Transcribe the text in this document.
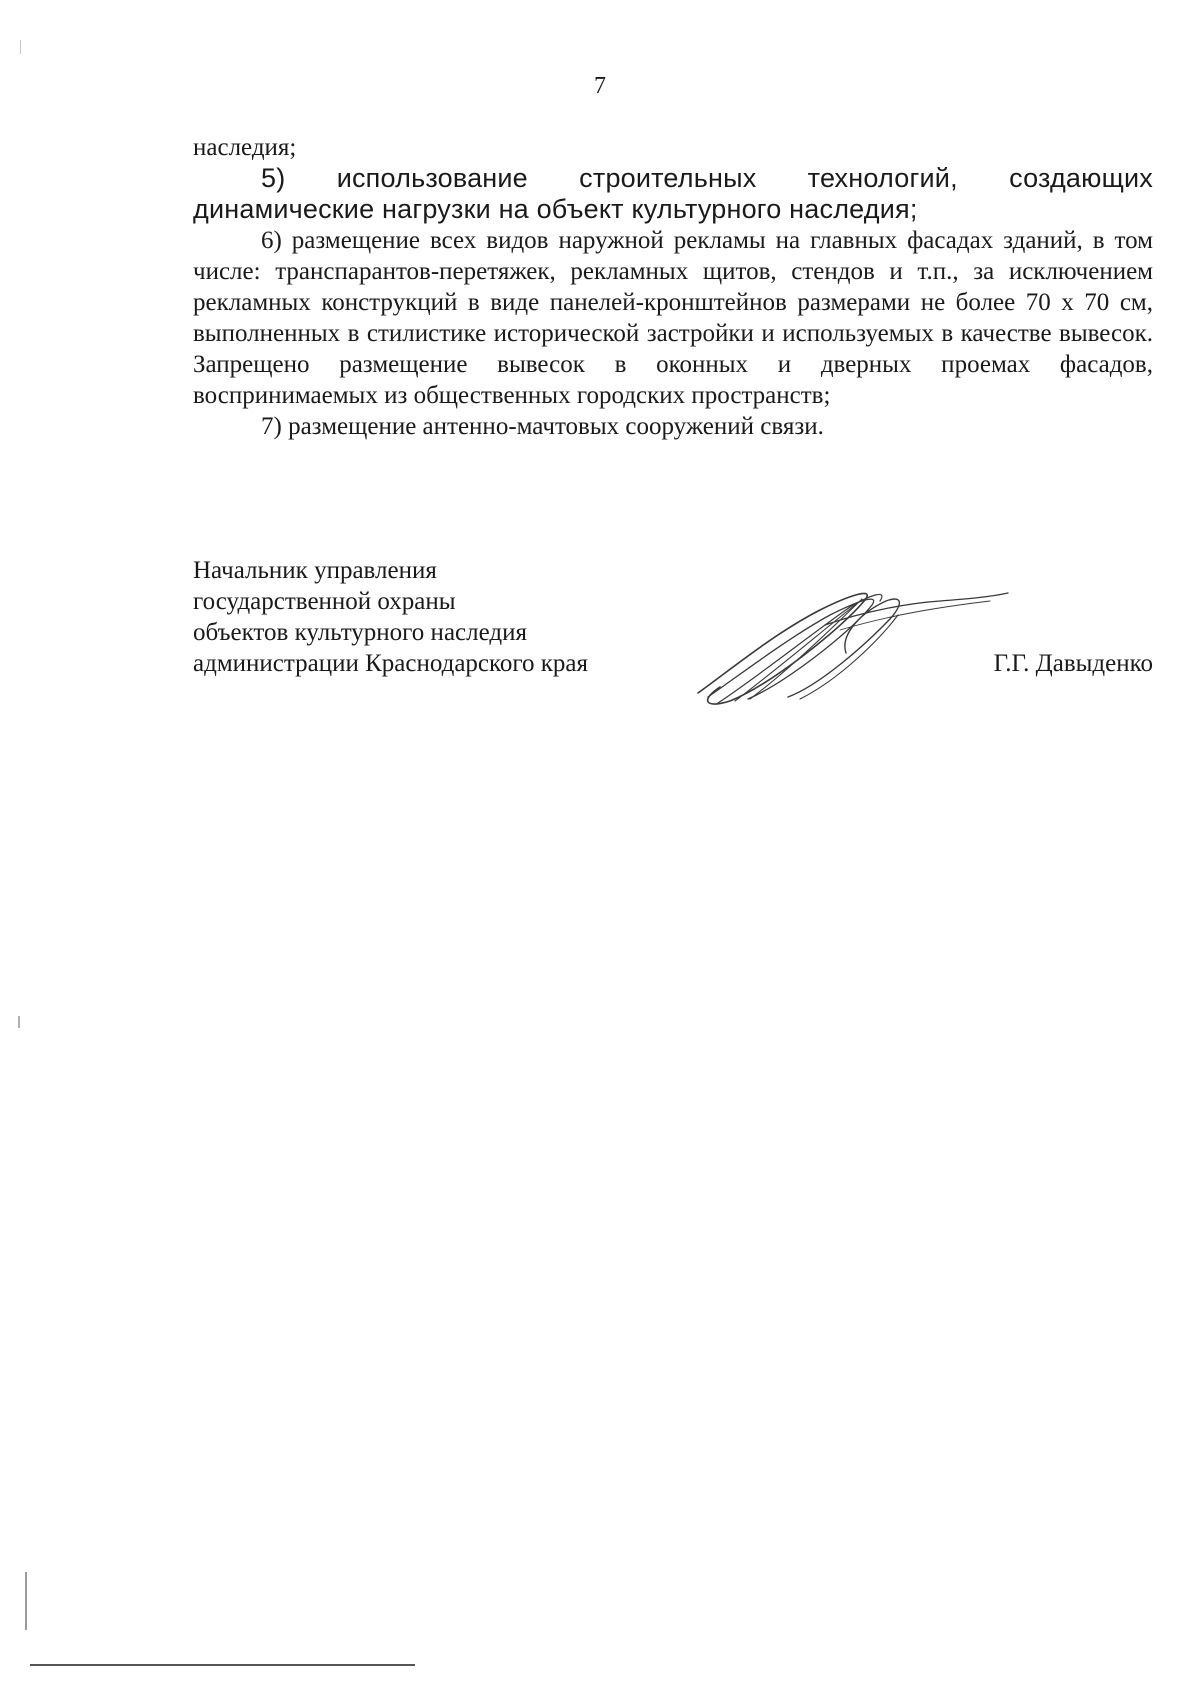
7

наследия;

5) использование строительных технологий, создающих динамические нагрузки на объект культурного наследия;

6) размещение всех видов наружной рекламы на главных фасадах зданий, в том числе: транспарантов-перетяжек, рекламных щитов, стендов и т.п., за исключением рекламных конструкций в виде панелей-кронштейнов размерами не более 70 х 70 см, выполненных в стилистике исторической застройки и используемых в качестве вывесок. Запрещено размещение вывесок в оконных и дверных проемах фасадов, воспринимаемых из общественных городских пространств;

7) размещение антенно-мачтовых сооружений связи.

Начальник управления
государственной охраны
объектов культурного наследия
администрации Краснодарского края	Г.Г. Давыденко
